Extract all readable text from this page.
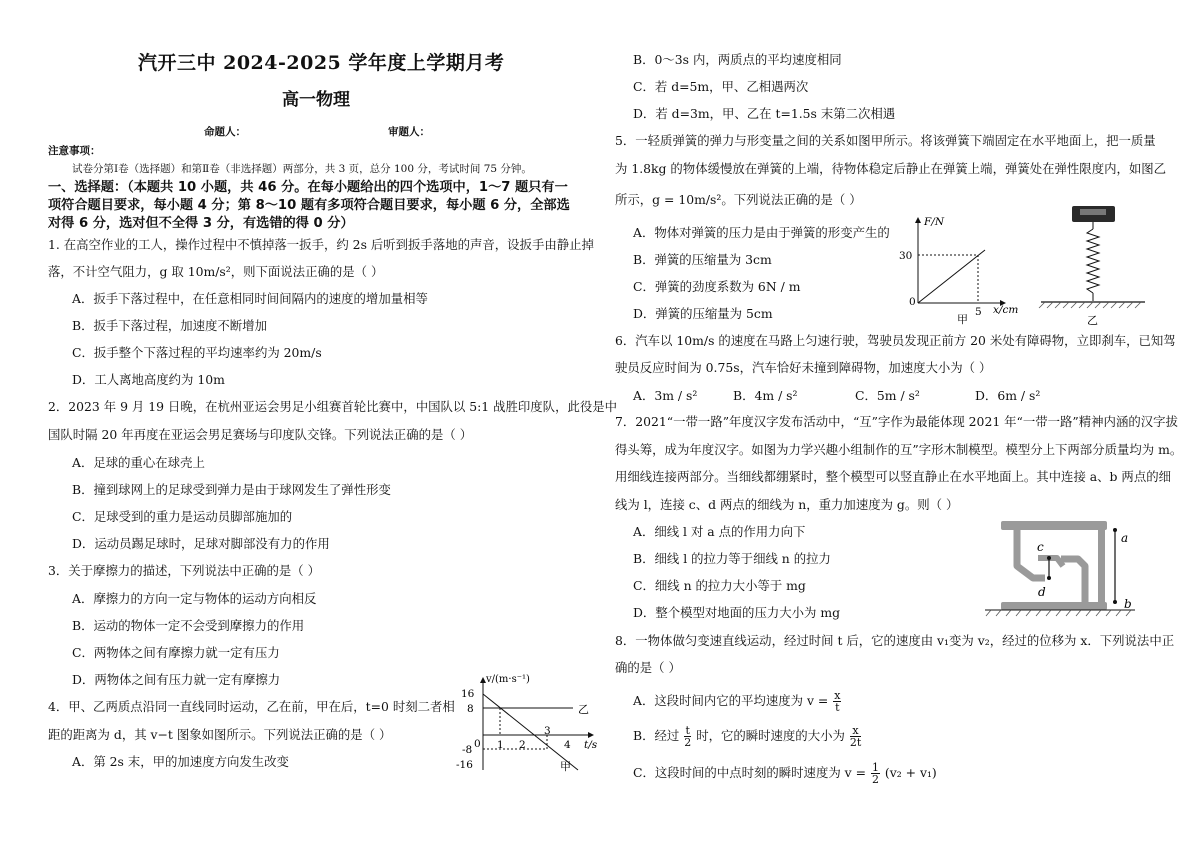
汽开三中 2024-2025 学年度上学期月考
高一物理
命题人：	审题人：
注意事项：
试卷分第Ⅰ卷（选择题）和第Ⅱ卷（非选择题）两部分，共 3 页，总分 100 分，考试时间 75 分钟。
一、选择题：（本题共 10 小题，共 46 分。在每小题给出的四个选项中，1～7 题只有一
项符合题目要求，每小题 4 分；第 8～10 题有多项符合题目要求，每小题 6 分，全部选
对得 6 分，选对但不全得 3 分，有选错的得 0 分）
1. 在高空作业的工人，操作过程中不慎掉落一扳手，约 2s 后听到扳手落地的声音，设扳手由静止掉
落，不计空气阻力，g 取 10m/s²，则下面说法正确的是（ ）
A．扳手下落过程中，在任意相同时间间隔内的速度的增加量相等
B．扳手下落过程，加速度不断增加
C．扳手整个下落过程的平均速率约为 20m/s
D．工人离地高度约为 10m
2．2023 年 9 月 19 日晚，在杭州亚运会男足小组赛首轮比赛中，中国队以 5:1 战胜印度队，此役是中
国队时隔 20 年再度在亚运会男足赛场与印度队交锋。下列说法正确的是（ ）
A．足球的重心在球壳上
B．撞到球网上的足球受到弹力是由于球网发生了弹性形变
C．足球受到的重力是运动员脚部施加的
D．运动员踢足球时，足球对脚部没有力的作用
3．关于摩擦力的描述，下列说法中正确的是（ ）
A．摩擦力的方向一定与物体的运动方向相反
B．运动的物体一定不会受到摩擦力的作用
C．两物体之间有摩擦力就一定有压力
D．两物体之间有压力就一定有摩擦力
4．甲、乙两质点沿同一直线同时运动，乙在前，甲在后，t=0 时刻二者相
距的距离为 d，其 v−t 图象如图所示。下列说法正确的是（ ）
A．第 2s 末，甲的加速度方向发生改变
v/(m·s⁻¹)
16
8
0
-8
-16
1 2
3
4 t/s
乙
甲
B．0～3s 内，两质点的平均速度相同
C．若 d=5m，甲、乙相遇两次
D．若 d=3m，甲、乙在 t=1.5s 末第二次相遇
5．一轻质弹簧的弹力与形变量之间的关系如图甲所示。将该弹簧下端固定在水平地面上，把一质量
为 1.8kg 的物体缓慢放在弹簧的上端，待物体稳定后静止在弹簧上端，弹簧处在弹性限度内，如图乙
所示，g = 10m/s²。下列说法正确的是（ ）
A．物体对弹簧的压力是由于弹簧的形变产生的
B．弹簧的压缩量为 3cm
C．弹簧的劲度系数为 6N / m
D．弹簧的压缩量为 5cm
F/N
30
0
5 x/cm
甲	乙
6．汽车以 10m/s 的速度在马路上匀速行驶，驾驶员发现正前方 20 米处有障碍物，立即刹车，已知驾
驶员反应时间为 0.75s，汽车恰好未撞到障碍物，加速度大小为（ ）
A．3m / s²	B．4m / s²	C．5m / s²	D．6m / s²
7．2021“一带一路”年度汉字发布活动中，“互”字作为最能体现 2021 年“一带一路”精神内涵的汉字拔
得头筹，成为年度汉字。如图为力学兴趣小组制作的互”字形木制模型。模型分上下两部分质量均为 m。
用细线连接两部分。当细线都绷紧时，整个模型可以竖直静止在水平地面上。其中连接 a、b 两点的细
线为 l，连接 c、d 两点的细线为 n，重力加速度为 g。则（ ）
A．细线 l 对 a 点的作用力向下
B．细线 l 的拉力等于细线 n 的拉力
C．细线 n 的拉力大小等于 mg
D．整个模型对地面的压力大小为 mg
a
b
c
d
8．一物体做匀变速直线运动，经过时间 t 后，它的速度由 v₁变为 v₂，经过的位移为 x．下列说法中正
确的是（ ）
A．这段时间内它的平均速度为 $v = \frac{x}{t}$
B．经过 $\frac{t}{2}$ 时，它的瞬时速度的大小为 $\frac{x}{2t}$
C．这段时间的中点时刻的瞬时速度为 $v = \frac{1}{2} (v_2 + v_1)$
